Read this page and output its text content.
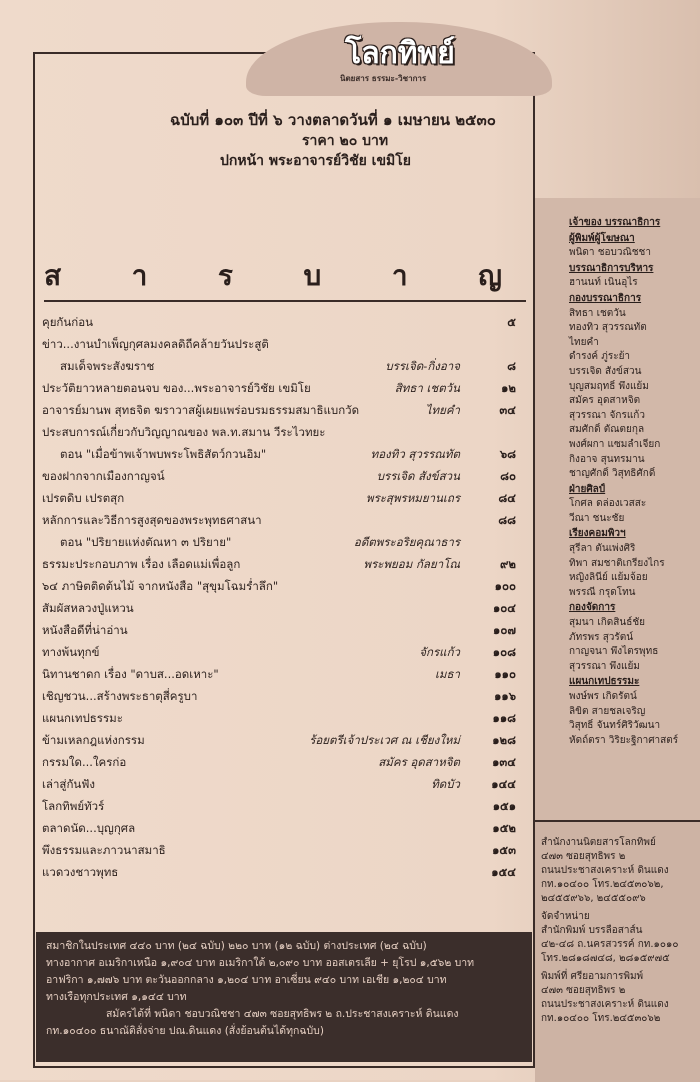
โลกทิพย์
นิตยสาร ธรรมะ-วิชาการ
ฉบับที่ ๑๐๓ ปีที่ ๖ วางตลาดวันที่ ๑ เมษายน ๒๕๓๐
ราคา ๒๐ บาท
ปกหน้า พระอาจารย์วิชัย เขมิโย
ส า ร บ า ญ
คุยกันก่อน	๕
ข่าว...งานบำเพ็ญกุศลมงคลดิถีคล้ายวันประสูติ
สมเด็จพระสังฆราช	บรรเจิด-กิ่งอาจ	๘
ประวัติยาวหลายตอนจบ ของ...พระอาจารย์วิชัย เขมิโย	สิทธา เชตวัน	๑๒
อาจารย์มานพ สุทธจิต ฆราวาสผู้เผยแพร่อบรมธรรมสมาธิแบกวัด	ไทยคำ	๓๔
ประสบการณ์เกี่ยวกับวิญญาณของ พล.ท.สมาน วีระไวทยะ
ตอน "เมื่อข้าพเจ้าพบพระโพธิสัตว์กวนอิม"	ทองทิว สุวรรณทัต	๖๘
ของฝากจากเมืองกาญจน์	บรรเจิด สังข์สวน	๘๐
เปรตดิบ เปรตสุก	พระสุพรหมยานเถร	๘๔
หลักการและวิธีการสูงสุดของพระพุทธศาสนา	๘๘
ตอน "ปริยายแห่งตัณหา ๓ ปริยาย"	อดีตพระอริยคุณาธาร
ธรรมะประกอบภาพ เรื่อง เลือดแม่เพื่อลูก	พระพยอม กัลยาโณ	๙๒
๖๔ ภาษิตติดต้นไม้ จากหนังสือ "สุขุมโฉมร่ำลึก"	๑๐๐
สัมผัสหลวงปู่แหวน	๑๐๔
หนังสือดีที่น่าอ่าน	๑๐๗
ทางพ้นทุกข์	จักรแก้ว	๑๐๘
นิทานชาดก เรื่อง "ดาบส...อดเหาะ"	เมธา	๑๑๐
เชิญชวน...สร้างพระธาตุสี่ครูบา	๑๑๖
แผนกเทปธรรมะ	๑๑๘
ข้ามเหลกฎแห่งกรรม	ร้อยตรีเจ้าประเวศ ณ เชียงใหม่	๑๒๘
กรรมใด...ใครก่อ	สมัคร อุดสาหจิต	๑๓๔
เล่าสู่กันฟัง	ทิดบัว	๑๔๔
โลกทิพย์ทัวร์	๑๕๑
ตลาดนัด...บุญกุศล	๑๕๒
พึงธรรมและภาวนาสมาธิ	๑๕๓
แวดวงชาวพุทธ	๑๕๔
สมาชิกในประเทศ ๔๔๐ บาท (๒๔ ฉบับ) ๒๒๐ บาท (๑๒ ฉบับ) ต่างประเทศ (๒๔ ฉบับ)
ทางอากาศ อเมริกาเหนือ ๑,๙๐๔ บาท อเมริกาใต้ ๒,๐๙๐ บาท ออสเตรเลีย + ยุโรป ๑,๕๖๒ บาท
อาฟริกา ๑,๗๗๖ บาท ตะวันออกกลาง ๑,๒๐๔ บาท อาเซี่ยน ๙๔๐ บาท เอเชีย ๑,๒๐๔ บาท
ทางเรือทุกประเทศ ๑,๑๔๔ บาท
สมัครได้ที่ พนิดา ชอบวณิชชา ๔๗๓ ซอยสุทธิพร ๒ ถ.ประชาสงเคราะห์ ดินแดง
กท.๑๐๔๐๐ ธนาณัติสั่งจ่าย ปณ.ดินแดง (สั่งย้อนต้นได้ทุกฉบับ)
เจ้าของ บรรณาธิการ
ผู้พิมพ์ผู้โฆษณา
พนิดา ชอบวณิชชา
บรรณาธิการบริหาร
ฮานนท์ เนินอุไร
กองบรรณาธิการ
สิทธา เชตวัน
ทองทิว สุวรรณทัต
ไทยคำ
ดำรงค์ ภู่ระย้า
บรรเจิด สังข์สวน
บุญสมฤทธิ์ พึ่งแย้ม
สมัคร อุดสาหจิต
สุวรรณา จักรแก้ว
สมศักดิ์ ตัณตยกุล
พงศ์ผกา แซมลำเจียก
กิ่งอาจ สุนทรมาน
ชาญศักดิ์ วิสุทธิศักดิ์
ฝ่ายศิลป์
โกศล ดล่องเวสสะ
วีณา ชนะชัย
เรียงคอมพิวฯ
สุรีลา ตันเพ่งศิริ
ทิพา สมชาติเกรียงไกร
หญิงลินีย์ แย้มจ้อย
พรรณี กรุดโทน
กองจัดการ
สุมนา เกิดสินธ์ชัย
ภัทรพร สุวรัตน์
กาญจนา พึ่งไตรพุทธ
สุวรรณา พึ่งแย้ม
แผนกเทปธรรมะ
พงษ์พร เกิดรัตน์
ลิขิต สายชลเจริญ
วิสุทธิ์ จันทร์ศิริวัฒนา
หัดถ์ตรา วิริยะฐิกาศาสตร์
สำนักงานนิตยสารโลกทิพย์
๔๗๓ ซอยสุทธิพร ๒
ถนนประชาสงเคราะห์ ดินแดง
กท.๑๐๔๐๐ โทร.๒๔๕๓๐๖๒,
๒๔๕๕๙๖๖, ๒๔๕๕๐๙๖
จัดจำหน่าย
สำนักพิมพ์ บรรลือสาส์น
๔๒-๔๘ ถ.นครสวรรค์ กท.๑๐๑๐
โทร.๒๘๑๘๗๔๘, ๒๘๑๕๙๗๕
พิมพ์ที่ ศรียอามการพิมพ์
๔๗๓ ซอยสุทธิพร ๒
ถนนประชาสงเคราะห์ ดินแดง
กท.๑๐๔๐๐ โทร.๒๔๕๓๐๖๒
